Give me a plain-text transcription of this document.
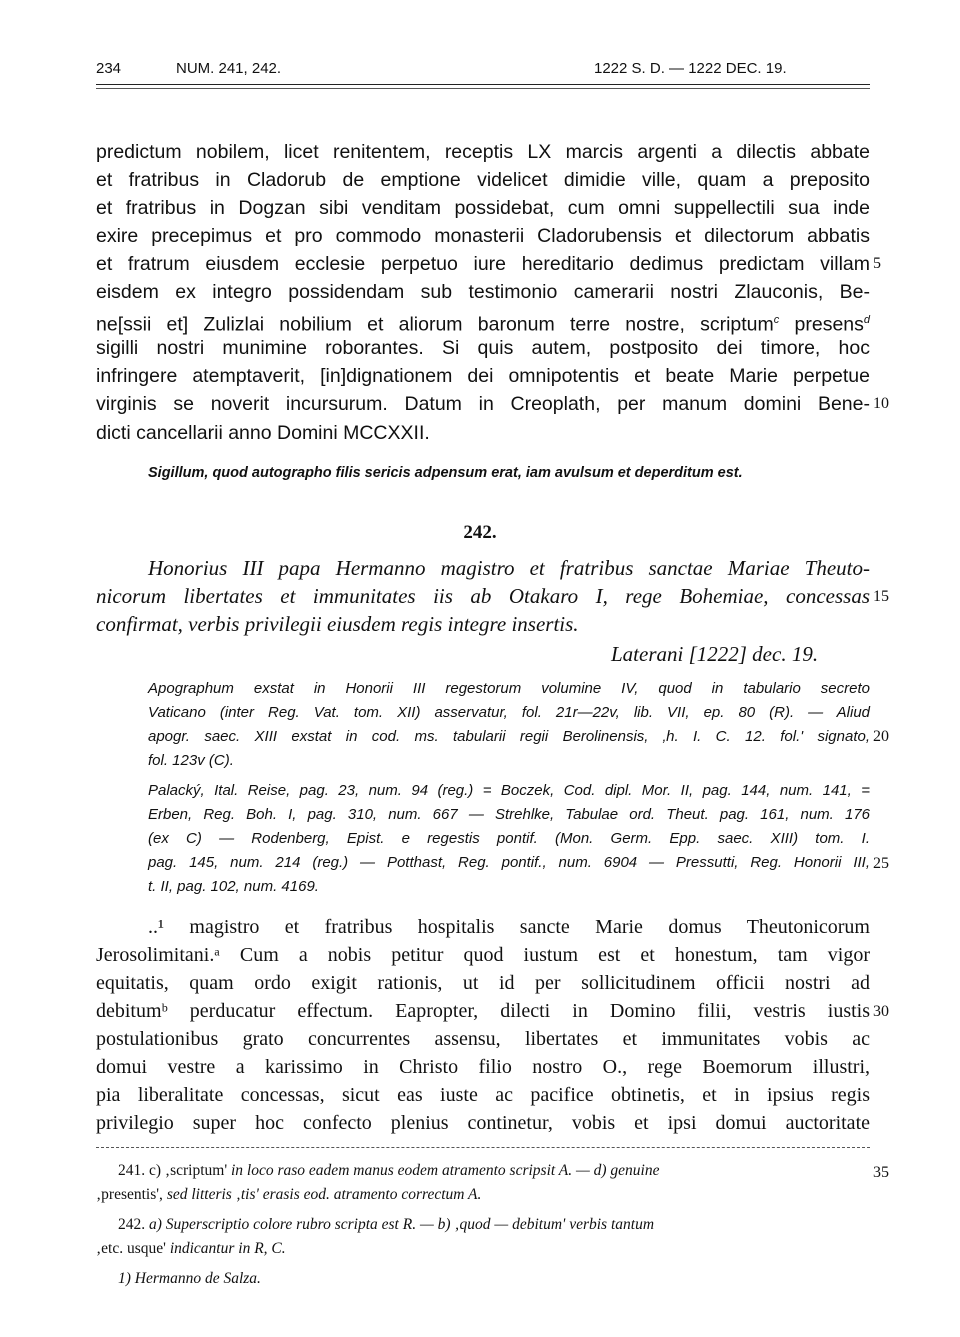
234	NUM. 241, 242.	1222 S. D. — 1222 DEC. 19.
predictum nobilem, licet renitentem, receptis LX marcis argenti a dilectis abbate
et fratribus in Cladorub de emptione videlicet dimidie ville, quam a preposito
et fratribus in Dogzan sibi venditam possidebat, cum omni suppellectili sua inde
exire precepimus et pro commodo monasterii Cladorubensis et dilectorum abbatis
et fratrum eiusdem ecclesie perpetuo iure hereditario dedimus predictam villam 5
eisdem ex integro possidendam sub testimonio camerarii nostri Zlauconis, Be-
ne[ssii et] Zulizlai nobilium et aliorum baronum terre nostre, scriptum$^c$ presens$^d$
sigilli nostri munimine roborantes. Si quis autem, postposito dei timore, hoc
infringere atemptaverit, [in]dignationem dei omnipotentis et beate Marie perpetue
virginis se noverit incursurum. Datum in Creoplath, per manum domini Bene- 10
dicti cancellarii anno Domini MCCXXII.
Sigillum, quod autographo filis sericis adpensum erat, iam avulsum et deperditum est.
242.
Honorius III papa Hermanno magistro et fratribus sanctae Mariae Theuto-
nicorum libertates et immunitates iis ab Otakaro I, rege Bohemiae, concessas 15
confirmat, verbis privilegii eiusdem regis integre insertis.
Laterani [1222] dec. 19.
Apographum exstat in Honorii III regestorum volumine IV, quod in tabulario secreto
Vaticano (inter Reg. Vat. tom. XII) asservatur, fol. 21r—22v, lib. VII, ep. 80 (R). — Aliud
apogr. saec. XIII exstat in cod. ms. tabularii regii Berolinensis, ‚h. I. C. 12. fol.' signato, 20
fol. 123v (C).
Palacký, Ital. Reise, pag. 23, num. 94 (reg.) = Boczek, Cod. dipl. Mor. II, pag. 144, num. 141, =
Erben, Reg. Boh. I, pag. 310, num. 667 — Strehlke, Tabulae ord. Theut. pag. 161, num. 176
(ex C) — Rodenberg, Epist. e regestis pontif. (Mon. Germ. Epp. saec. XIII) tom. I.
pag. 145, num. 214 (reg.) — Potthast, Reg. pontif., num. 6904 — Pressutti, Reg. Honorii III, 25
t. II, pag. 102, num. 4169.
..¹ magistro et fratribus hospitalis sancte Marie domus Theutonicorum
Jerosolimitani.ᵃ Cum a nobis petitur quod iustum est et honestum, tam vigor
equitatis, quam ordo exigit rationis, ut id per sollicitudinem officii nostri ad
debitumᵇ perducatur effectum. Eapropter, dilecti in Domino filii, vestris iustis 30
postulationibus grato concurrentes assensu, libertates et immunitates vobis ac
domui vestre a karissimo in Christo filio nostro O., rege Boemorum illustri,
pia liberalitate concessas, sicut eas iuste ac pacifice obtinetis, et in ipsius regis
privilegio super hoc confecto plenius continetur, vobis et ipsi domui auctoritate
241. c) ‚scriptum' in loco raso eadem manus eodem atramento scripsit A. — d) genuine	35
‚presentis', sed litteris ‚tis' erasis eod. atramento correctum A.
242. a) Superscriptio colore rubro scripta est R. — b) ‚quod — debitum' verbis tantum
‚etc. usque' indicantur in R, C.
1) Hermanno de Salza.
